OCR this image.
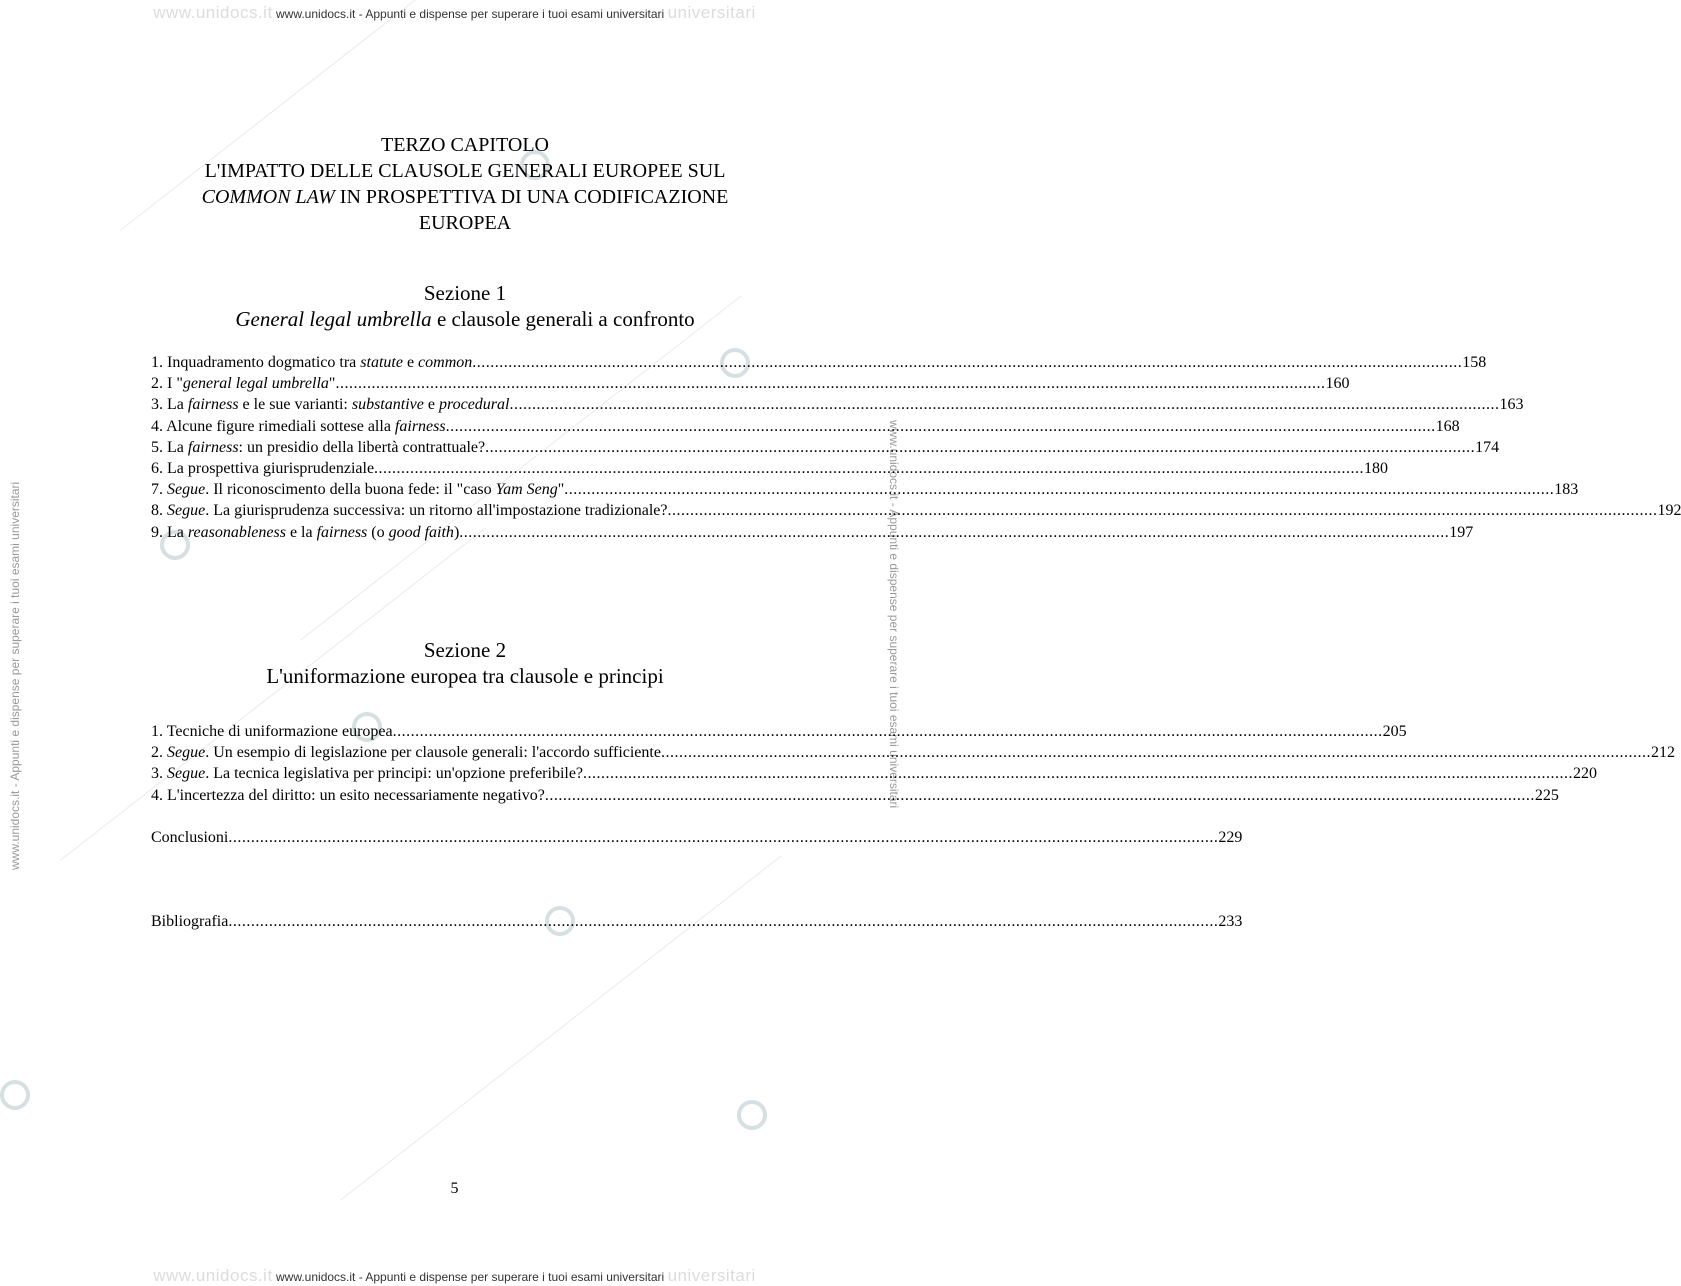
www.unidocs.it www.unidocs.it - Appunti e dispense per superare i tuoi esami universitari universitari
www.unidocs.it www.unidocs.it - Appunti e dispense per superare i tuoi esami universitari universitari
www.unidocs.it - Appunti e dispense per superare i tuoi esami universitari	www.unidocs.it - Appunti e dispense per superare i tuoi esami universitari
TERZO CAPITOLO
L'IMPATTO DELLE CLAUSOLE GENERALI EUROPEE SUL
COMMON LAW IN PROSPETTIVA DI UNA CODIFICAZIONE
EUROPEA
Sezione 1
General legal umbrella e clausole generali a confronto
1. Inquadramento dogmatico tra statute e common ............................................................................................................................................................................................................................ 158
2. I "general legal umbrella" ............................................................................................................................................................................................................................ 160
3. La fairness e le sue varianti: substantive e procedural ............................................................................................................................................................................................................................ 163
4. Alcune figure rimediali sottese alla fairness ............................................................................................................................................................................................................................ 168
5. La fairness: un presidio della libertà contrattuale? ............................................................................................................................................................................................................................ 174
6. La prospettiva giurisprudenziale ............................................................................................................................................................................................................................ 180
7. Segue. Il riconoscimento della buona fede: il "caso Yam Seng" ............................................................................................................................................................................................................................ 183
8. Segue. La giurisprudenza successiva: un ritorno all'impostazione tradizionale? ............................................................................................................................................................................................................................ 192
9. La reasonableness e la fairness (o good faith) ............................................................................................................................................................................................................................ 197
Sezione 2
L'uniformazione europea tra clausole e principi
1. Tecniche di uniformazione europea ............................................................................................................................................................................................................................ 205
2. Segue. Un esempio di legislazione per clausole generali: l'accordo sufficiente ............................................................................................................................................................................................................................ 212
3. Segue. La tecnica legislativa per principi: un'opzione preferibile? ............................................................................................................................................................................................................................ 220
4. L'incertezza del diritto: un esito necessariamente negativo? ............................................................................................................................................................................................................................ 225
Conclusioni ............................................................................................................................................................................................................................ 229
Bibliografia ............................................................................................................................................................................................................................ 233
5
